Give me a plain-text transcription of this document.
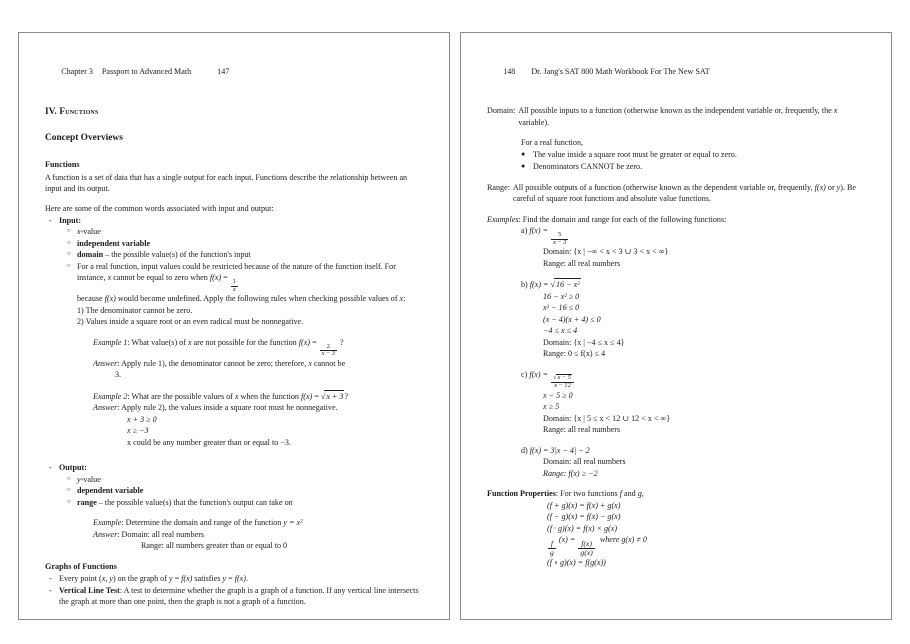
Chapter 3 Passport to Advanced Math	147

IV. Functions
Concept Overviews
Functions

A function is a set of data that has a single output for each input. Functions describe the relationship between an input and its output.

Here are some of the common words associated with input and output:

- Input:
○ x-value
○ independent variable
○ domain – the possible value(s) of the function's input
○ For a real function, input values could be restricted because of the nature of the function itself. For instance, x cannot be equal to zero when f(x) =
$\frac{1}{x}$

because f(x) would become undefined. Apply the following rules when checking possible values of x:
1) The denominator cannot be zero.
2) Values inside a square root or an even radical must be nonnegative.

Example 1: What value(s) of x are not possible for the function f(x) =
$\frac{2}{x - 3}$
?

Answer: Apply rule 1), the denominator cannot be zero; therefore, x cannot be

3.

Example 2: What are the possible values of x when the function f(x) = √x + 3?

Answer: Apply rule 2), the values inside a square root must be nonnegative.

x + 3 ≥ 0

x ≥ −3

x could be any number greater than or equal to −3.

- Output:
○ y-value
○ dependent variable
○ range – the possible value(s) that the function's output can take on

Example: Determine the domain and range of the function $y = x^2$

Answer: Domain: all real numbers

Range: all numbers greater than or equal to 0

Graphs of Functions
- Every point (x, y) on the graph of y = f(x) satisfies y = f(x).
- Vertical Line Test: A test to determine whether the graph is a graph of a function. If any vertical line intersects the graph at more than one point, then the graph is not a graph of a function.

148 Dr. Jang's SAT 800 Math Workbook For The New SAT

Domain: All possible inputs to a function (otherwise known as the independent variable or, frequently, the x variable).

For a real function,

● The value inside a square root must be greater or equal to zero.
● Denominators CANNOT be zero.
Range: All possible outputs of a function (otherwise known as the dependent variable or, frequently, f(x) or y). Be careful of square root functions and absolute value functions.

Examples: Find the domain and range for each of the following functions:

a) f(x) =
$\frac{5}{x - 3}$

Domain: {x | −∞ < x < 3 ∪ 3 < x < ∞}

Range: all real numbers

b) f(x) = √16 − x²

16 − x² ≥ 0

x² − 16 ≤ 0

(x − 4)(x + 4) ≤ 0

−4 ≤ x ≤ 4

Domain: {x | −4 ≤ x ≤ 4}

Range: 0 ≤ f(x) ≤ 4

c) f(x) =
$\frac{√x - 5}{x - 12}$

x − 5 ≥ 0

x ≥ 5

Domain: {x | 5 ≤ x < 12 ∪ 12 < x < ∞}

Range: all real numbers

d) f(x) = 3|x − 4| − 2

Domain: all real numbers

Range: f(x) ≥ −2

Function Properties: For two functions f and g,

(f + g)(x) = f(x) + g(x)

(f − g)(x) = f(x) − g(x)

(f · g)(x) = f(x) × g(x)

$\frac{f}{g}$
(x) =
$\frac{f(x)}{g(x)}$
where g(x) ≠ 0

(f ∘ g)(x) = f(g(x))
